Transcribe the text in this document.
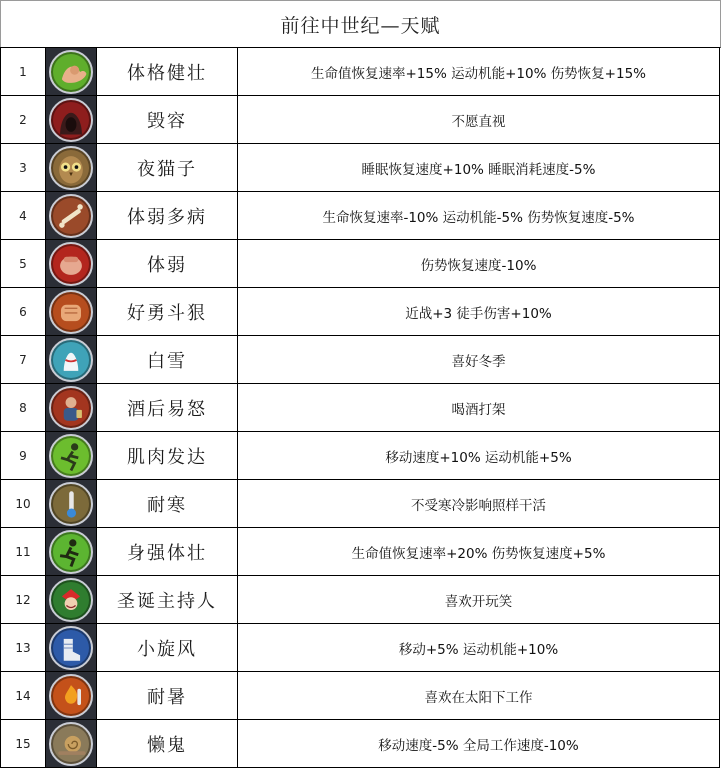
前往中世纪—天赋
1		体格健壮	生命值恢复速率+15% 运动机能+10% 伤势恢复+15%
2		毁容	不愿直视
3		夜猫子	睡眠恢复速度+10% 睡眠消耗速度-5%
4		体弱多病	生命恢复速率-10% 运动机能-5% 伤势恢复速度-5%
5		体弱	伤势恢复速度-10%
6		好勇斗狠	近战+3 徒手伤害+10%
7		白雪	喜好冬季
8		酒后易怒	喝酒打架
9		肌肉发达	移动速度+10% 运动机能+5%
10		耐寒	不受寒冷影响照样干活
11		身强体壮	生命值恢复速率+20% 伤势恢复速度+5%
12		圣诞主持人	喜欢开玩笑
13		小旋风	移动+5% 运动机能+10%
14		耐暑	喜欢在太阳下工作
15		懒鬼	移动速度-5% 全局工作速度-10%
